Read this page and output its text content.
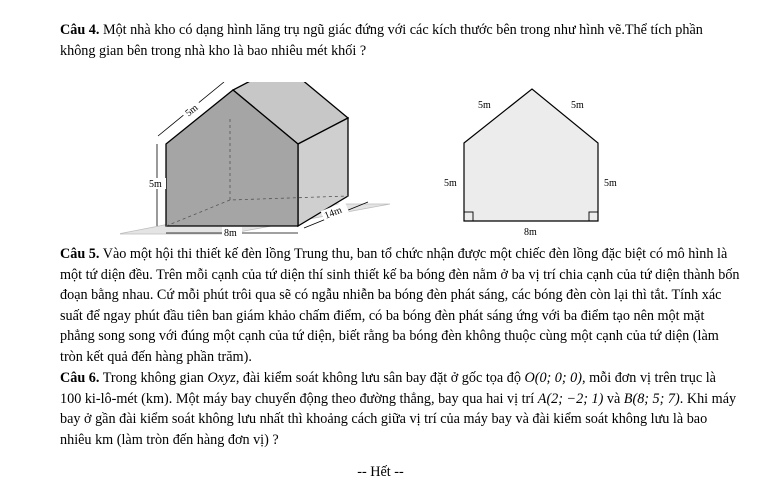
Câu 4. Một nhà kho có dạng hình lăng trụ ngũ giác đứng với các kích thước bên trong như hình vẽ.Thể tích phần không gian bên trong nhà kho là bao nhiêu mét khối ?
5m
5m
8m
14m
5m	5m
5m	5m
8m
Câu 5. Vào một hội thi thiết kế đèn lồng Trung thu, ban tổ chức nhận được một chiếc đèn lồng đặc biệt có mô hình là một tứ diện đều. Trên mỗi cạnh của tứ diện thí sinh thiết kế ba bóng đèn nằm ở ba vị trí chia cạnh của tứ diện thành bốn đoạn bằng nhau. Cứ mỗi phút trôi qua sẽ có ngẫu nhiễn ba bóng đèn phát sáng, các bóng đèn còn lại thì tắt. Tính xác suất để ngay phút đầu tiên ban giám khảo chấm điểm, có ba bóng đèn phát sáng ứng với ba điểm tạo nên một mặt phẳng song song với đúng một cạnh của tứ diện, biết rằng ba bóng đèn không thuộc cùng một cạnh của tứ diện (làm tròn kết quả đến hàng phần trăm).
Câu 6. Trong không gian Oxyz, đài kiểm soát không lưu sân bay đặt ở gốc tọa độ O(0; 0; 0), mỗi đơn vị trên trục là 100 ki-lô-mét (km). Một máy bay chuyển động theo đường thẳng, bay qua hai vị trí A(2; −2; 1) và B(8; 5; 7). Khi máy bay ở gần đài kiểm soát không lưu nhất thì khoảng cách giữa vị trí của máy bay và đài kiểm soát không lưu là bao nhiêu km (làm tròn đến hàng đơn vị) ?
-- Hết --
